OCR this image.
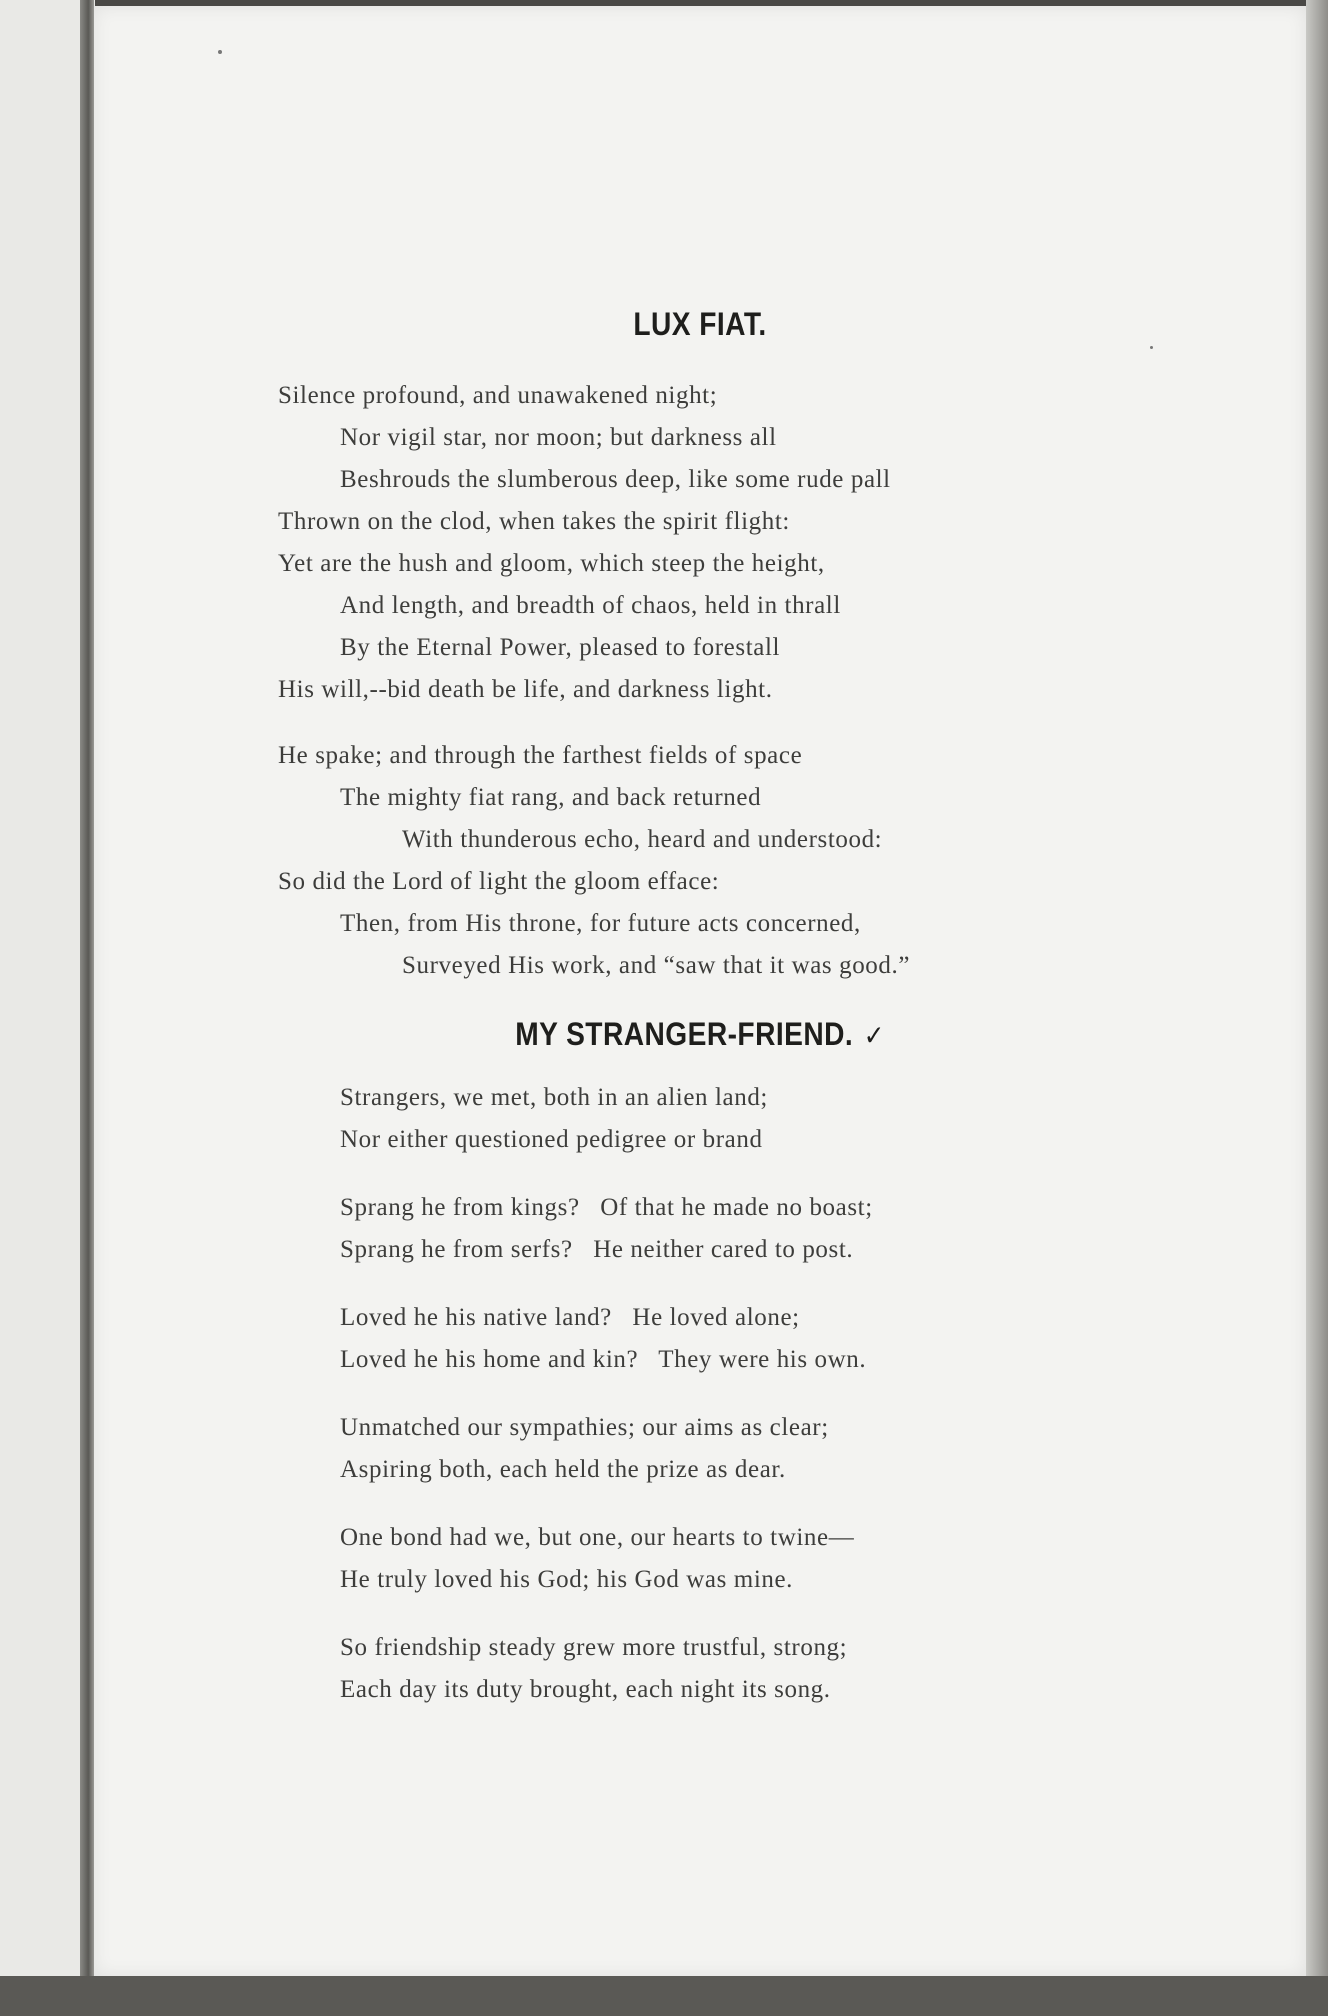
LUX FIAT.
Silence profound, and unawakened night;
Nor vigil star, nor moon; but darkness all
Beshrouds the slumberous deep, like some rude pall
Thrown on the clod, when takes the spirit flight:
Yet are the hush and gloom, which steep the height,
And length, and breadth of chaos, held in thrall
By the Eternal Power, pleased to forestall
His will,--bid death be life, and darkness light.
He spake; and through the farthest fields of space
The mighty fiat rang, and back returned
With thunderous echo, heard and understood:
So did the Lord of light the gloom efface:
Then, from His throne, for future acts concerned,
Surveyed His work, and “saw that it was good.”
MY STRANGER-FRIEND. ✓
Strangers, we met, both in an alien land;
Nor either questioned pedigree or brand
Sprang he from kings?   Of that he made no boast;
Sprang he from serfs?   He neither cared to post.
Loved he his native land?   He loved alone;
Loved he his home and kin?   They were his own.
Unmatched our sympathies; our aims as clear;
Aspiring both, each held the prize as dear.
One bond had we, but one, our hearts to twine—
He truly loved his God; his God was mine.
So friendship steady grew more trustful, strong;
Each day its duty brought, each night its song.
